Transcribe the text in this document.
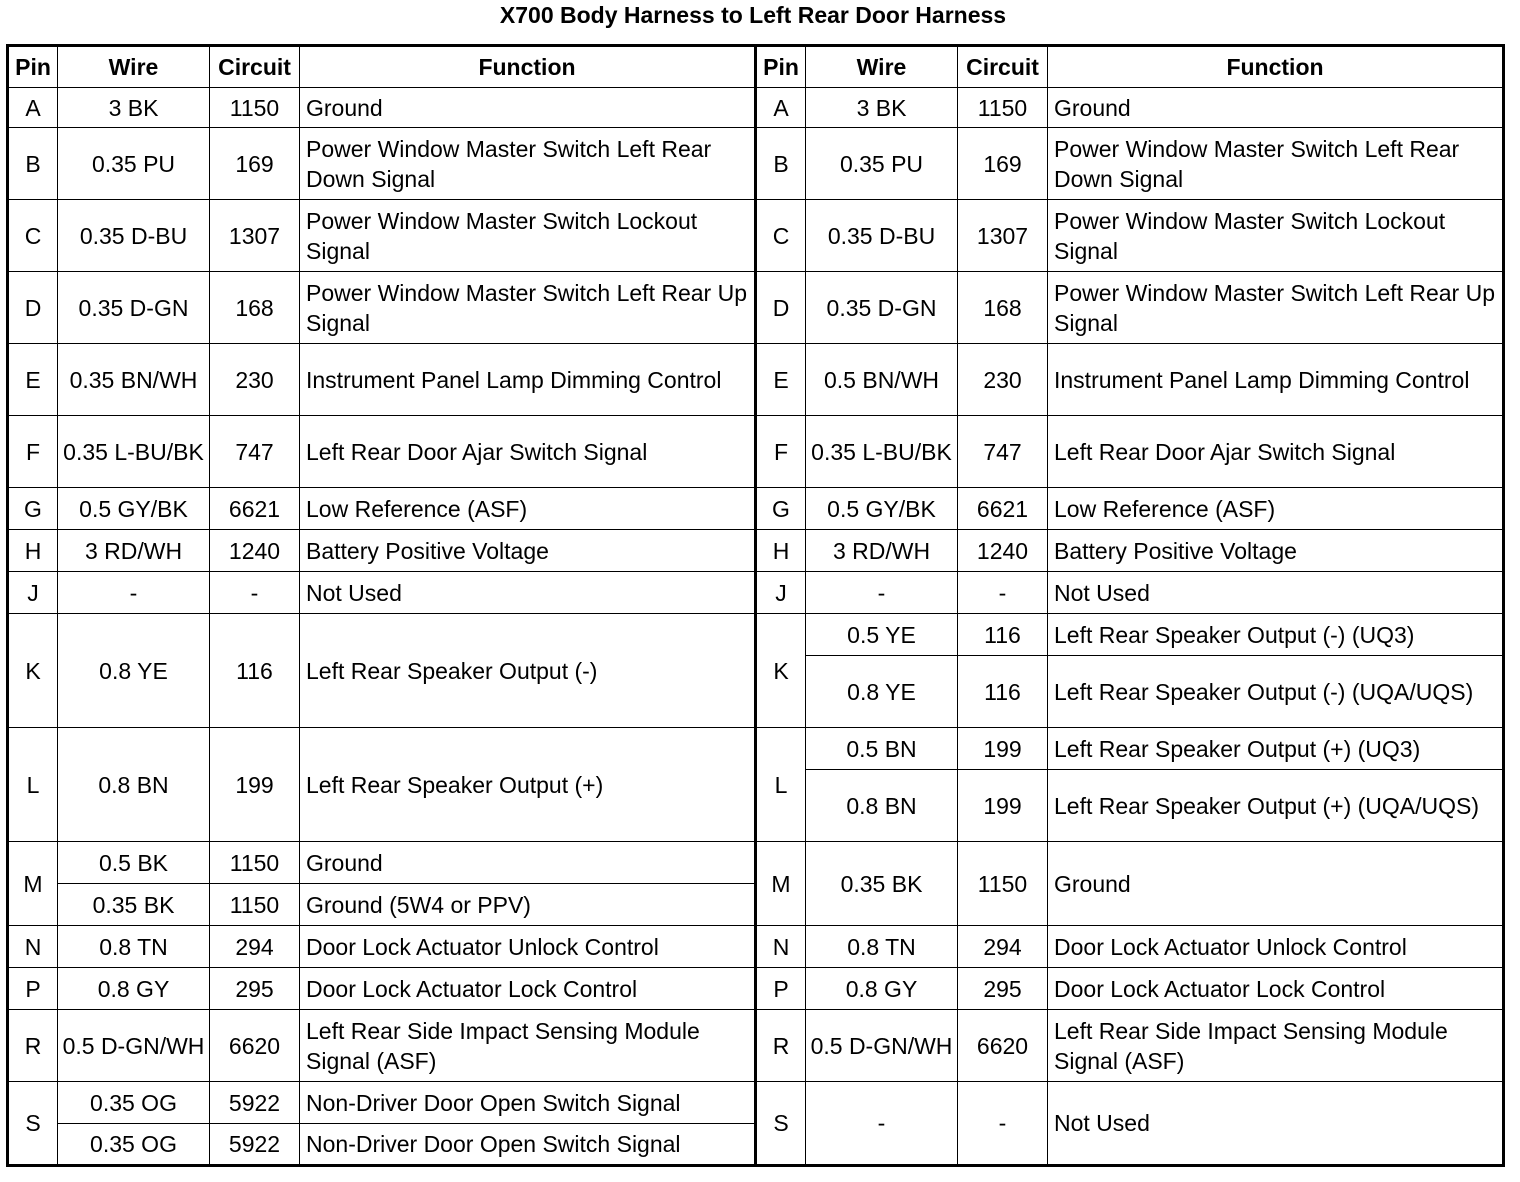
X700 Body Harness to Left Rear Door Harness
Pin	Wire	Circuit	Function	Pin	Wire	Circuit	Function
A	3 BK	1150	Ground	A	3 BK	1150	Ground
B	0.35 PU	169	Power Window Master Switch Left Rear Down Signal	B	0.35 PU	169	Power Window Master Switch Left Rear Down Signal
C	0.35 D-BU	1307	Power Window Master Switch Lockout Signal	C	0.35 D-BU	1307	Power Window Master Switch Lockout Signal
D	0.35 D-GN	168	Power Window Master Switch Left Rear Up Signal	D	0.35 D-GN	168	Power Window Master Switch Left Rear Up Signal
E	0.35 BN/WH	230	Instrument Panel Lamp Dimming Control	E	0.5 BN/WH	230	Instrument Panel Lamp Dimming Control
F	0.35 L-BU/BK	747	Left Rear Door Ajar Switch Signal	F	0.35 L-BU/BK	747	Left Rear Door Ajar Switch Signal
G	0.5 GY/BK	6621	Low Reference (ASF)	G	0.5 GY/BK	6621	Low Reference (ASF)
H	3 RD/WH	1240	Battery Positive Voltage	H	3 RD/WH	1240	Battery Positive Voltage
J	-	-	Not Used	J	-	-	Not Used
K	0.8 YE	116	Left Rear Speaker Output (-)	K	0.5 YE	116	Left Rear Speaker Output (-) (UQ3)
					0.8 YE	116	Left Rear Speaker Output (-) (UQA/UQS)
L	0.8 BN	199	Left Rear Speaker Output (+)	L	0.5 BN	199	Left Rear Speaker Output (+) (UQ3)
					0.8 BN	199	Left Rear Speaker Output (+) (UQA/UQS)
M	0.5 BK	1150	Ground	M	0.35 BK	1150	Ground
	0.35 BK	1150	Ground (5W4 or PPV)				
N	0.8 TN	294	Door Lock Actuator Unlock Control	N	0.8 TN	294	Door Lock Actuator Unlock Control
P	0.8 GY	295	Door Lock Actuator Lock Control	P	0.8 GY	295	Door Lock Actuator Lock Control
R	0.5 D-GN/WH	6620	Left Rear Side Impact Sensing Module Signal (ASF)	R	0.5 D-GN/WH	6620	Left Rear Side Impact Sensing Module Signal (ASF)
S	0.35 OG	5922	Non-Driver Door Open Switch Signal	S	-	-	Not Used
	0.35 OG	5922	Non-Driver Door Open Switch Signal				
